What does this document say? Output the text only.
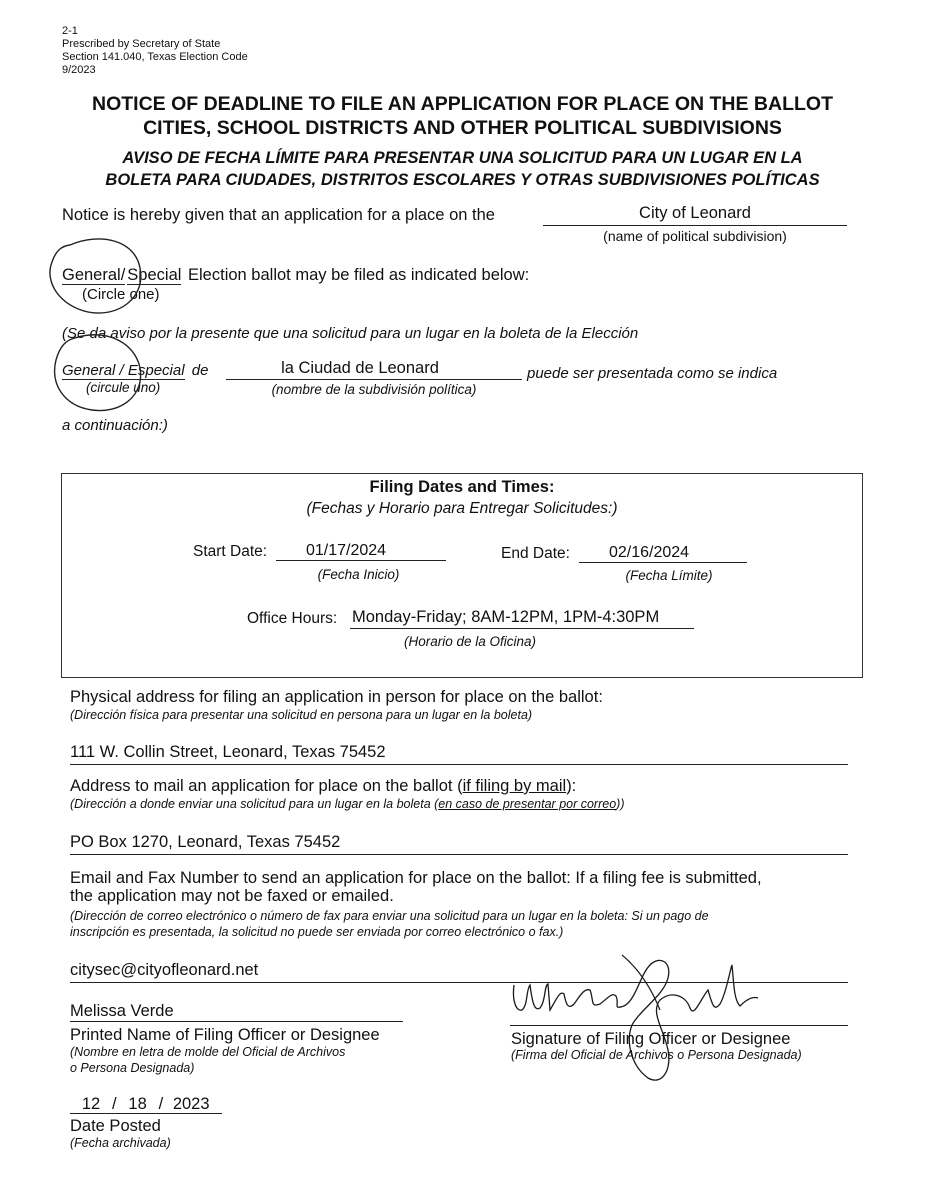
2-1
Prescribed by Secretary of State
Section 141.040, Texas Election Code
9/2023
NOTICE OF DEADLINE TO FILE AN APPLICATION FOR PLACE ON THE BALLOT
CITIES, SCHOOL DISTRICTS AND OTHER POLITICAL SUBDIVISIONS
AVISO DE FECHA LÍMITE PARA PRESENTAR UNA SOLICITUD PARA UN LUGAR EN LA
BOLETA PARA CIUDADES, DISTRITOS ESCOLARES Y OTRAS SUBDIVISIONES POLÍTICAS
Notice is hereby given that an application for a place on the	City of Leonard
(name of political subdivision)
General/ Special Election ballot may be filed as indicated below:
(Circle one)
(Se da aviso por la presente que una solicitud para un lugar en la boleta de la Elección
General / Especial de	la Ciudad de Leonard
(nombre de la subdivisión política)
puede ser presentada como se indica
(circule uno)
a continuación:)
Filing Dates and Times:
(Fechas y Horario para Entregar Solicitudes:)
Start Date:	01/17/2024
(Fecha Inicio)
End Date:	02/16/2024
(Fecha Límite)
Office Hours: Monday-Friday; 8AM-12PM, 1PM-4:30PM
(Horario de la Oficina)
Physical address for filing an application in person for place on the ballot:
(Dirección física para presentar una solicitud en persona para un lugar en la boleta)
111 W. Collin Street, Leonard, Texas 75452
Address to mail an application for place on the ballot (if filing by mail):
(Dirección a donde enviar una solicitud para un lugar en la boleta (en caso de presentar por correo))
PO Box 1270, Leonard, Texas 75452
Email and Fax Number to send an application for place on the ballot: If a filing fee is submitted,
the application may not be faxed or emailed.
(Dirección de correo electrónico o número de fax para enviar una solicitud para un lugar en la boleta: Si un pago de
inscripción es presentada, la solicitud no puede ser enviada por correo electrónico o fax.)
citysec@cityofleonard.net
Melissa Verde
Printed Name of Filing Officer or Designee
(Nombre en letra de molde del Oficial de Archivos
o Persona Designada)
Signature of Filing Officer or Designee
(Firma del Oficial de Archivos o Persona Designada)
12 / 18 / 2023
Date Posted
(Fecha archivada)
